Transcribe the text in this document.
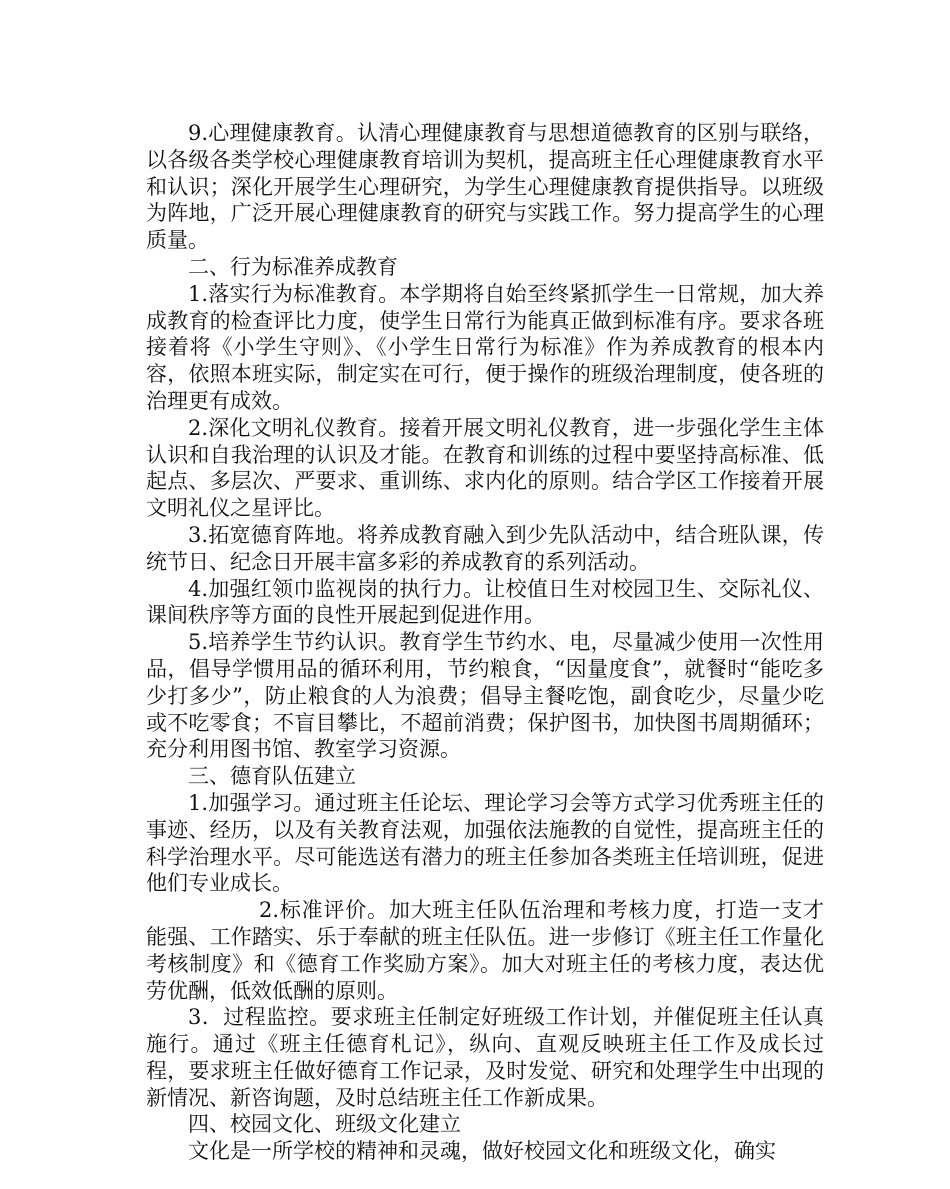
9.心理健康教育。认清心理健康教育与思想道德教育的区别与联络，以各级各类学校心理健康教育培训为契机，提高班主任心理健康教育水平和认识；深化开展学生心理研究，为学生心理健康教育提供指导。以班级为阵地，广泛开展心理健康教育的研究与实践工作。努力提高学生的心理质量。

二、行为标准养成教育

1.落实行为标准教育。本学期将自始至终紧抓学生一日常规，加大养成教育的检查评比力度，使学生日常行为能真正做到标准有序。要求各班接着将《小学生守则》、《小学生日常行为标准》作为养成教育的根本内容，依照本班实际，制定实在可行，便于操作的班级治理制度，使各班的治理更有成效。

2.深化文明礼仪教育。接着开展文明礼仪教育，进一步强化学生主体认识和自我治理的认识及才能。在教育和训练的过程中要坚持高标准、低起点、多层次、严要求、重训练、求内化的原则。结合学区工作接着开展文明礼仪之星评比。

3.拓宽德育阵地。将养成教育融入到少先队活动中，结合班队课，传统节日、纪念日开展丰富多彩的养成教育的系列活动。

4.加强红领巾监视岗的执行力。让校值日生对校园卫生、交际礼仪、课间秩序等方面的良性开展起到促进作用。

5.培养学生节约认识。教育学生节约水、电，尽量减少使用一次性用品，倡导学惯用品的循环利用，节约粮食，“因量度食”，就餐时“能吃多少打多少”，防止粮食的人为浪费；倡导主餐吃饱，副食吃少，尽量少吃或不吃零食；不盲目攀比，不超前消费；保护图书，加快图书周期循环；充分利用图书馆、教室学习资源。

三、德育队伍建立

1.加强学习。通过班主任论坛、理论学习会等方式学习优秀班主任的事迹、经历，以及有关教育法观，加强依法施教的自觉性，提高班主任的科学治理水平。尽可能选送有潜力的班主任参加各类班主任培训班，促进他们专业成长。

2.标准评价。加大班主任队伍治理和考核力度，打造一支才能强、工作踏实、乐于奉献的班主任队伍。进一步修订《班主任工作量化考核制度》和《德育工作奖励方案》。加大对班主任的考核力度，表达优劳优酬，低效低酬的原则。

3．过程监控。要求班主任制定好班级工作计划，并催促班主任认真施行。通过《班主任德育札记》，纵向、直观反映班主任工作及成长过程，要求班主任做好德育工作记录，及时发觉、研究和处理学生中出现的新情况、新咨询题，及时总结班主任工作新成果。

四、校园文化、班级文化建立

文化是一所学校的精神和灵魂，做好校园文化和班级文化，确实
